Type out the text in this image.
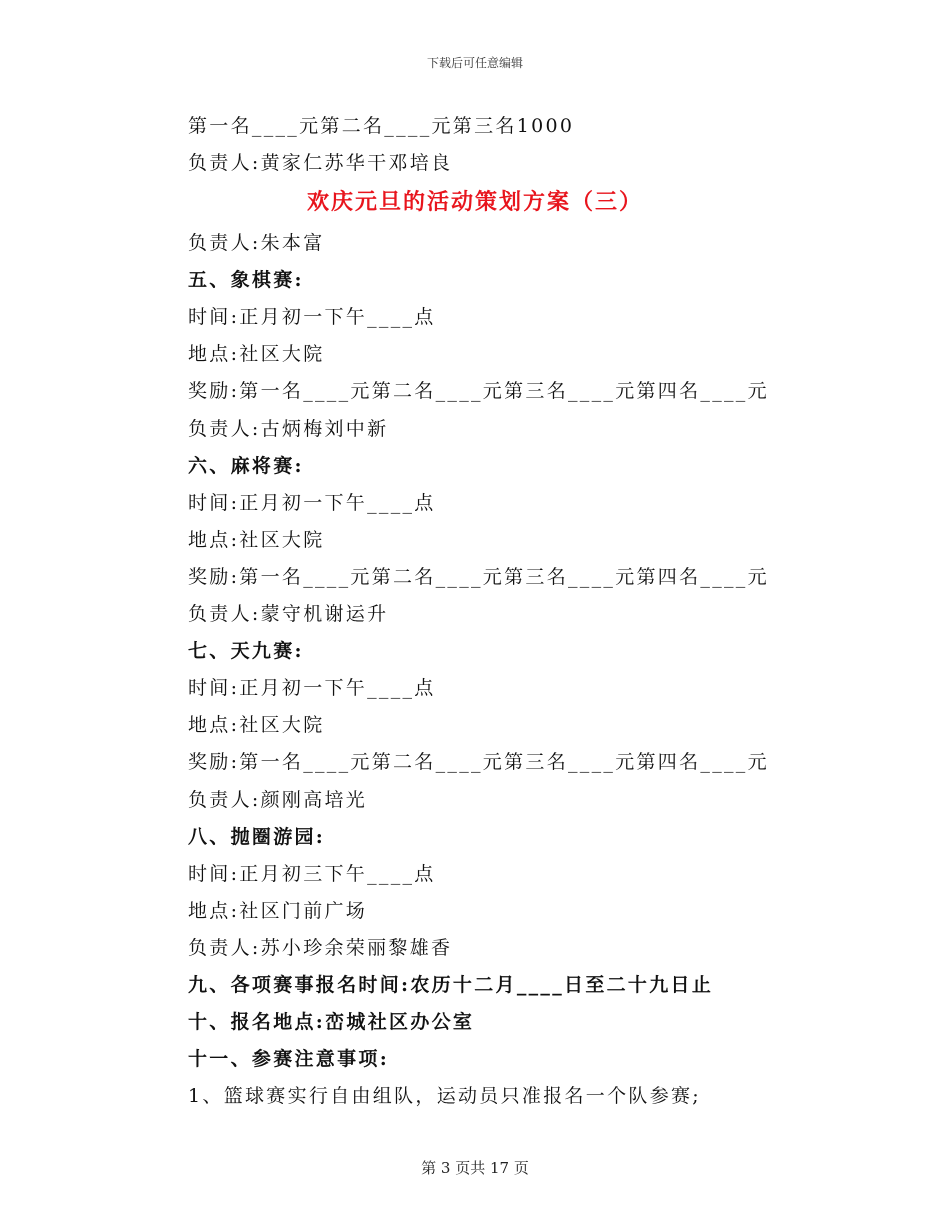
下载后可任意编辑
第一名____元第二名____元第三名1000
负责人:黄家仁苏华干邓培良
欢庆元旦的活动策划方案（三）
负责人:朱本富
五、象棋赛:
时间:正月初一下午____点
地点:社区大院
奖励:第一名____元第二名____元第三名____元第四名____元
负责人:古炳梅刘中新
六、麻将赛:
时间:正月初一下午____点
地点:社区大院
奖励:第一名____元第二名____元第三名____元第四名____元
负责人:蒙守机谢运升
七、天九赛:
时间:正月初一下午____点
地点:社区大院
奖励:第一名____元第二名____元第三名____元第四名____元
负责人:颜刚高培光
八、抛圈游园:
时间:正月初三下午____点
地点:社区门前广场
负责人:苏小珍余荣丽黎雄香
九、各项赛事报名时间:农历十二月____日至二十九日止
十、报名地点:峦城社区办公室
十一、参赛注意事项:
1、篮球赛实行自由组队，运动员只准报名一个队参赛;
第 3 页共 17 页
